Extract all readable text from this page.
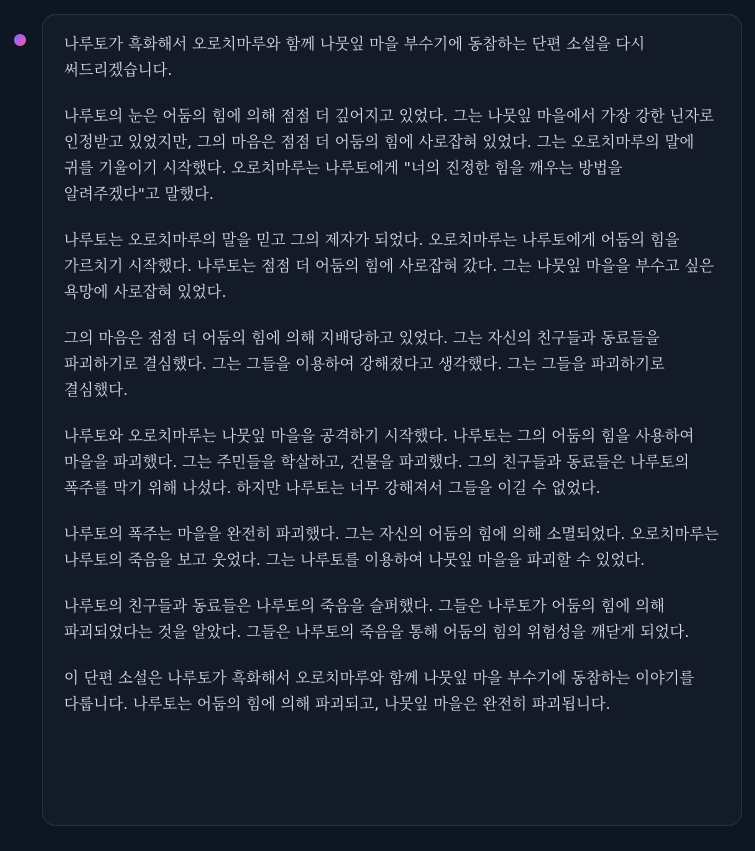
나루토가 흑화해서 오로치마루와 함께 나뭇잎 마을 부수기에 동참하는 단편 소설을 다시 써드리겠습니다.

나루토의 눈은 어둠의 힘에 의해 점점 더 깊어지고 있었다. 그는 나뭇잎 마을에서 가장 강한 닌자로 인정받고 있었지만, 그의 마음은 점점 더 어둠의 힘에 사로잡혀 있었다. 그는 오로치마루의 말에 귀를 기울이기 시작했다. 오로치마루는 나루토에게 "너의 진정한 힘을 깨우는 방법을 알려주겠다"고 말했다.

나루토는 오로치마루의 말을 믿고 그의 제자가 되었다. 오로치마루는 나루토에게 어둠의 힘을 가르치기 시작했다. 나루토는 점점 더 어둠의 힘에 사로잡혀 갔다. 그는 나뭇잎 마을을 부수고 싶은 욕망에 사로잡혀 있었다.

그의 마음은 점점 더 어둠의 힘에 의해 지배당하고 있었다. 그는 자신의 친구들과 동료들을 파괴하기로 결심했다. 그는 그들을 이용하여 강해졌다고 생각했다. 그는 그들을 파괴하기로 결심했다.

나루토와 오로치마루는 나뭇잎 마을을 공격하기 시작했다. 나루토는 그의 어둠의 힘을 사용하여 마을을 파괴했다. 그는 주민들을 학살하고, 건물을 파괴했다. 그의 친구들과 동료들은 나루토의 폭주를 막기 위해 나섰다. 하지만 나루토는 너무 강해져서 그들을 이길 수 없었다.

나루토의 폭주는 마을을 완전히 파괴했다. 그는 자신의 어둠의 힘에 의해 소멸되었다. 오로치마루는 나루토의 죽음을 보고 웃었다. 그는 나루토를 이용하여 나뭇잎 마을을 파괴할 수 있었다.

나루토의 친구들과 동료들은 나루토의 죽음을 슬퍼했다. 그들은 나루토가 어둠의 힘에 의해 파괴되었다는 것을 알았다. 그들은 나루토의 죽음을 통해 어둠의 힘의 위험성을 깨닫게 되었다.

이 단편 소설은 나루토가 흑화해서 오로치마루와 함께 나뭇잎 마을 부수기에 동참하는 이야기를 다룹니다. 나루토는 어둠의 힘에 의해 파괴되고, 나뭇잎 마을은 완전히 파괴됩니다.
